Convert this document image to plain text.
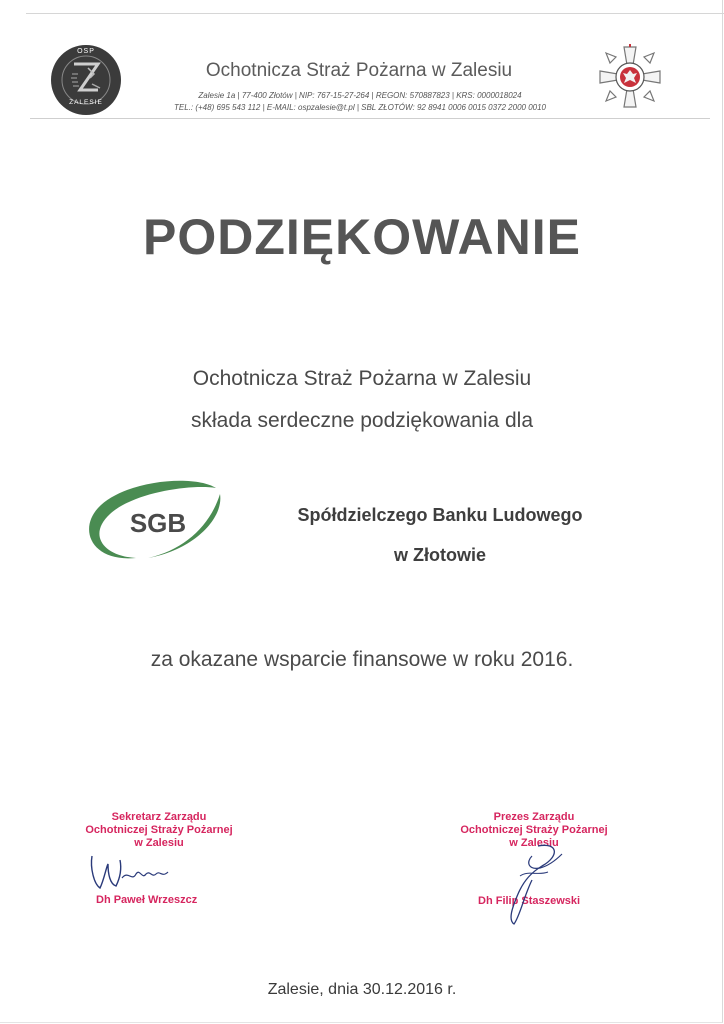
OSP
ZALESIE
Ochotnicza Straż Pożarna w Zalesiu
Zalesie 1a | 77-400 Złotów | NIP: 767-15-27-264 | REGON: 570887823 | KRS: 0000018024
TEL.: (+48) 695 543 112 | E-MAIL: ospzalesie@t.pl | SBL ZŁOTÓW: 92 8941 0006 0015 0372 2000 0010
PODZIĘKOWANIE
Ochotnicza Straż Pożarna w Zalesiu
składa serdeczne podziękowania dla
SGB	Spółdzielczego Banku Ludowego
w Złotowie
za okazane wsparcie finansowe w roku 2016.
Sekretarz Zarządu
Ochotniczej Straży Pożarnej
w Zalesiu
Dh Paweł Wrzeszcz
Prezes Zarządu
Ochotniczej Straży Pożarnej
w Zalesiu
Dh Filip Staszewski
Zalesie, dnia 30.12.2016 r.
